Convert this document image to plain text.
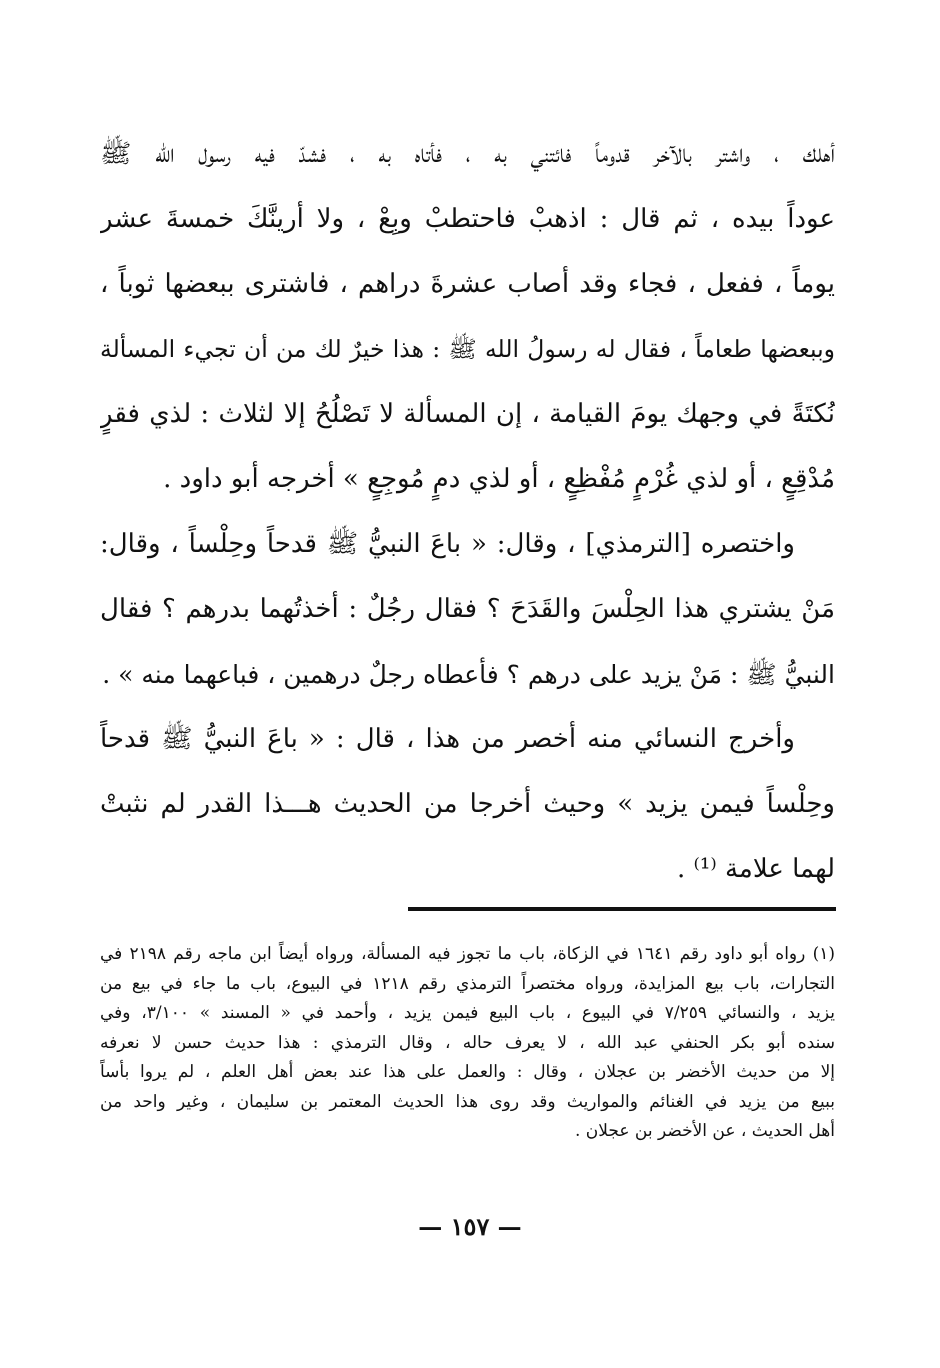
أهلك ، واشتر بالآخر قدوماً فائتني به ، فأتاه به ، فشدّ فيه رسول الله ﷺ
عوداً بيده ، ثم قال : اذهبْ فاحتطبْ وبِعْ ، ولا أرينَّكَ خمسةَ عشر
يوماً ، ففعل ، فجاء وقد أصاب عشرةَ دراهم ، فاشترى ببعضها ثوباً ،
وببعضها طعاماً ، فقال له رسولُ الله ﷺ : هذا خيرٌ لك من أن تجيء المسألة
نُكتَةً في وجهك يومَ القيامة ، إن المسألة لا تَصْلُحُ إلا لثلاث : لذي فقرٍ
مُدْقِعٍ ، أو لذي غُرْمٍ مُفْظِعٍ ، أو لذي دمٍ مُوجِعٍ » أخرجه أبو داود .
واختصره [الترمذي] ، وقال: « باعَ النبيُّ ﷺ قدحاً وحِلْساً ، وقال:
مَنْ يشتري هذا الحِلْسَ والقَدَحَ ؟ فقال رجُلٌ : أخذتُهما بدرهم ؟ فقال
النبيُّ ﷺ : مَنْ يزيد على درهم ؟ فأعطاه رجلٌ درهمين ، فباعهما منه » .
وأخرج النسائي منه أخصر من هذا ، قال : « باعَ النبيُّ ﷺ قدحاً
وحِلْساً فيمن يزيد » وحيث أخرجا من الحديث هـــذا القدر لم نثبتْ
لهما علامة ⁽¹⁾ .
(١) رواه أبو داود رقم ١٦٤١ في الزكاة، باب ما تجوز فيه المسألة، ورواه أيضاً ابن ماجه رقم ٢١٩٨ في
التجارات، باب بيع المزايدة، ورواه مختصراً الترمذي رقم ١٢١٨ في البيوع، باب ما جاء في بيع من
يزيد ، والنسائي ٧/٢٥٩ في البيوع ، باب البيع فيمن يزيد ، وأحمد في « المسند » ٣/١٠٠، وفي
سنده أبو بكر الحنفي عبد الله ، لا يعرف حاله ، وقال الترمذي : هذا حديث حسن لا نعرفه
إلا من حديث الأخضر بن عجلان ، وقال : والعمل على هذا عند بعض أهل العلم ، لم يروا بأساً
ببيع من يزيد في الغنائم والمواريث وقد روى هذا الحديث المعتمر بن سليمان ، وغير واحد من
أهل الحديث ، عن الأخضر بن عجلان .
— ١٥٧ —
